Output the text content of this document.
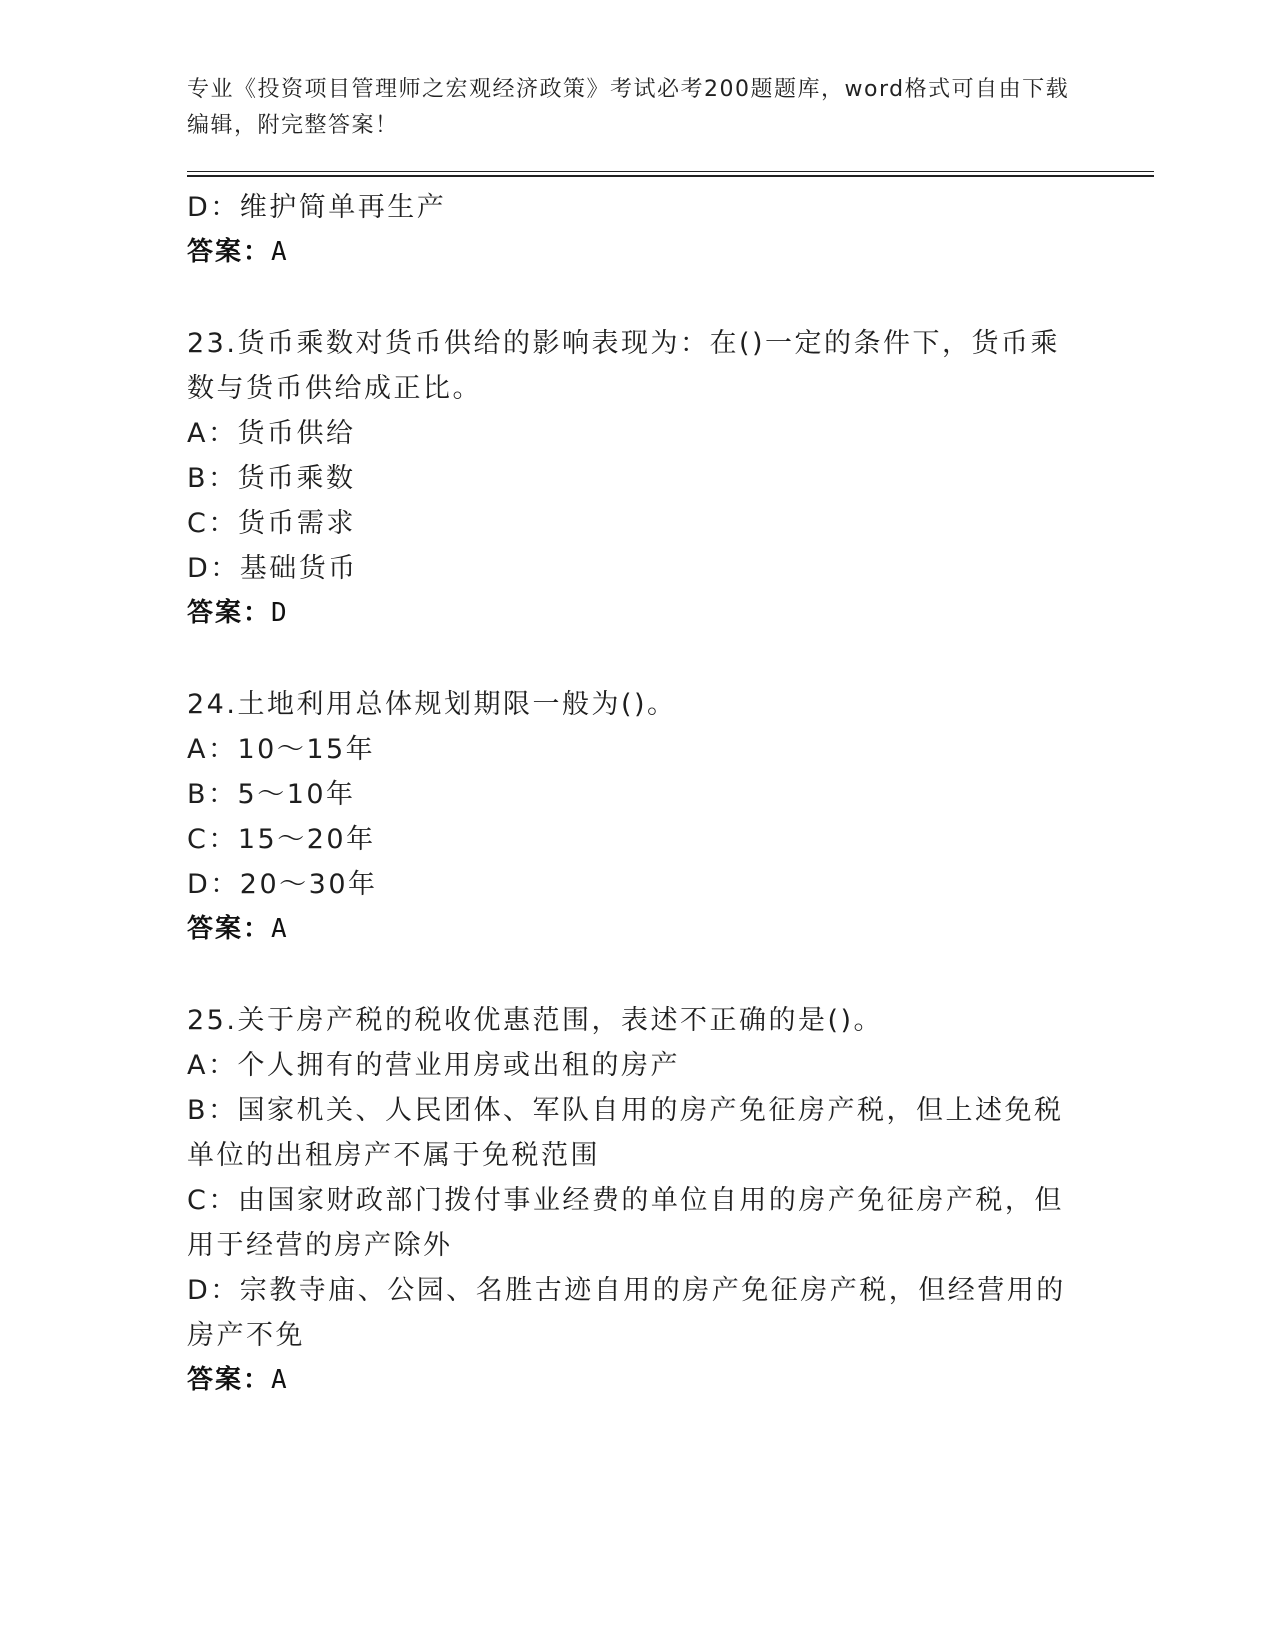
专业《投资项目管理师之宏观经济政策》考试必考200题题库，word格式可自由下载编辑，附完整答案！
D：维护简单再生产
答案：A
23.货币乘数对货币供给的影响表现为：在()一定的条件下，货币乘数与货币供给成正比。
A：货币供给
B：货币乘数
C：货币需求
D：基础货币
答案：D
24.土地利用总体规划期限一般为()。
A：10～15年
B：5～10年
C：15～20年
D：20～30年
答案：A
25.关于房产税的税收优惠范围，表述不正确的是()。
A：个人拥有的营业用房或出租的房产
B：国家机关、人民团体、军队自用的房产免征房产税，但上述免税单位的出租房产不属于免税范围
C：由国家财政部门拨付事业经费的单位自用的房产免征房产税，但用于经营的房产除外
D：宗教寺庙、公园、名胜古迹自用的房产免征房产税，但经营用的房产不免
答案：A
